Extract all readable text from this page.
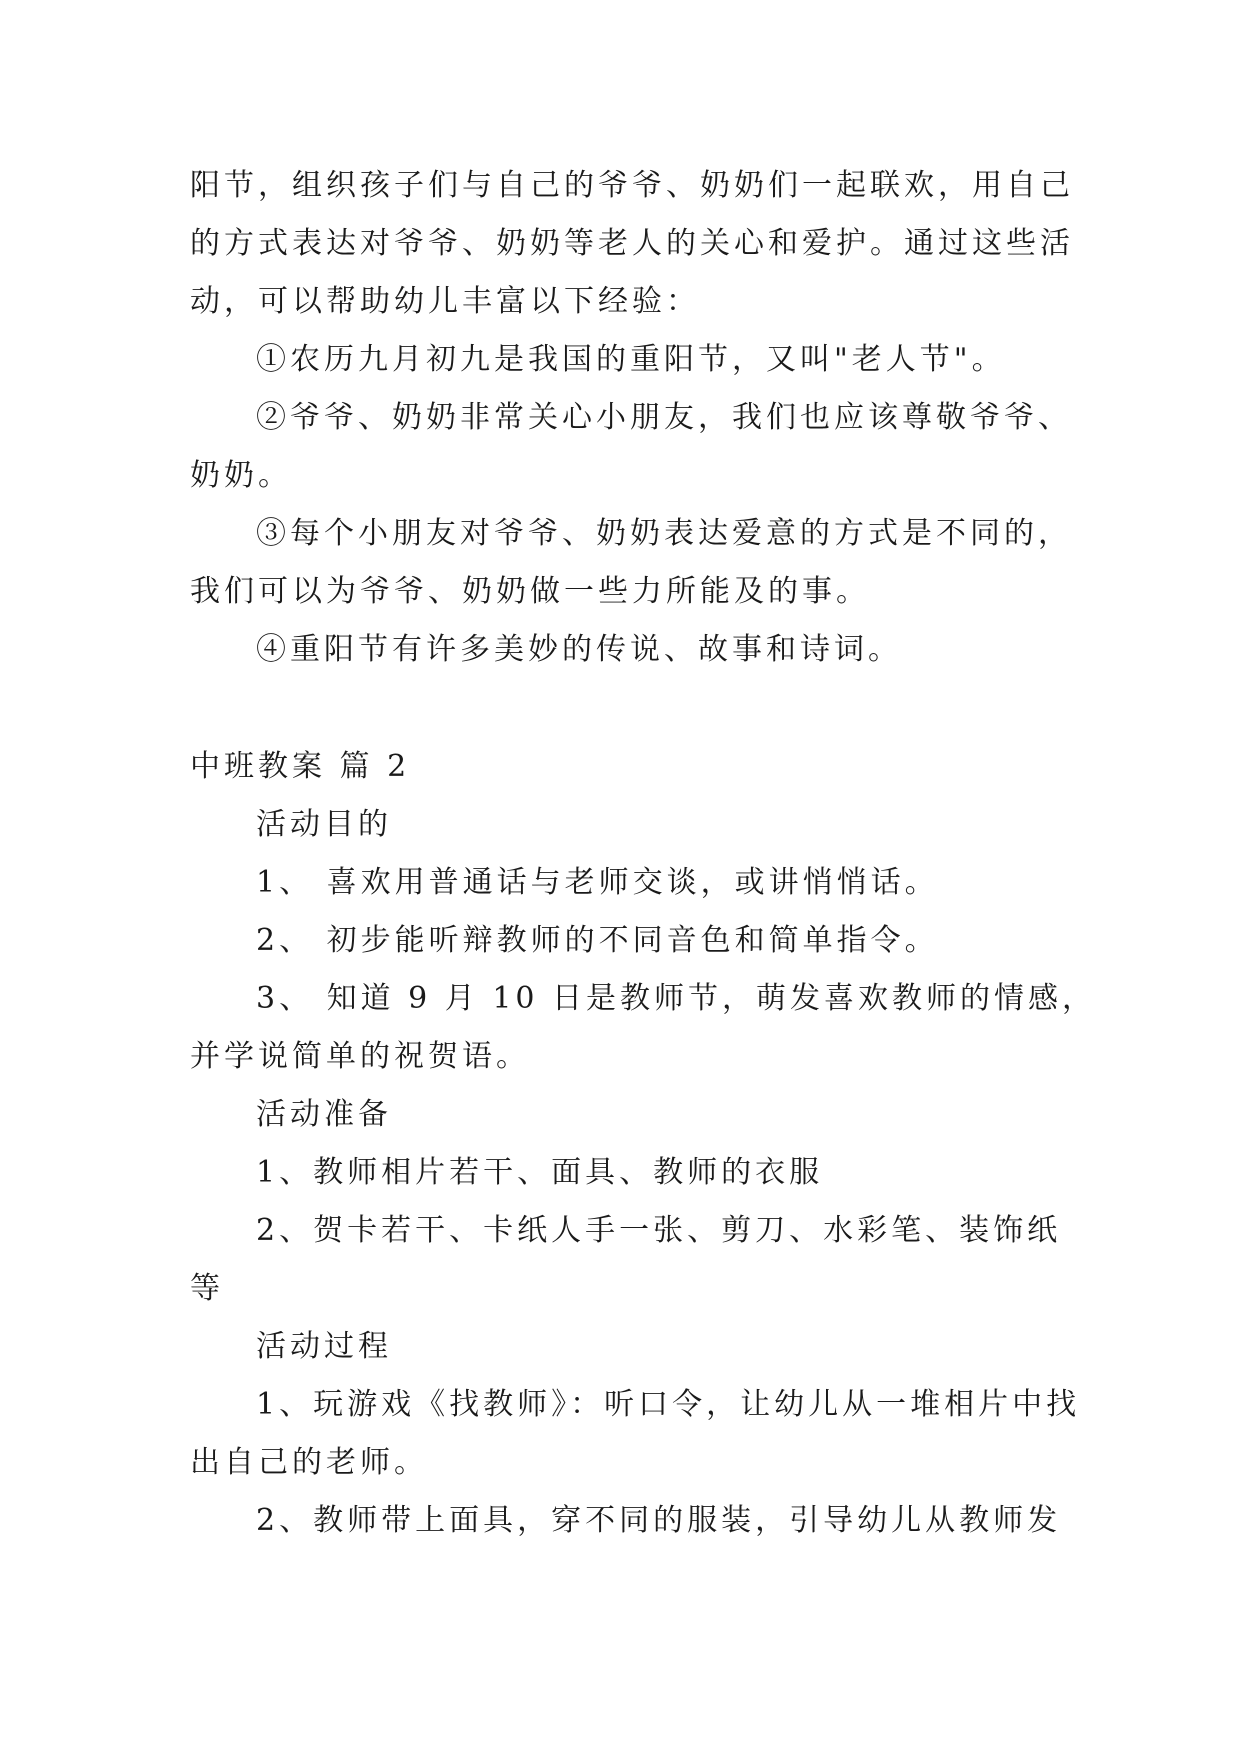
阳节，组织孩子们与自己的爷爷、奶奶们一起联欢，用自己
的方式表达对爷爷、奶奶等老人的关心和爱护。通过这些活
动，可以帮助幼儿丰富以下经验：
①农历九月初九是我国的重阳节，又叫"老人节"。
②爷爷、奶奶非常关心小朋友，我们也应该尊敬爷爷、
奶奶。
③每个小朋友对爷爷、奶奶表达爱意的方式是不同的，
我们可以为爷爷、奶奶做一些力所能及的事。
④重阳节有许多美妙的传说、故事和诗词。
中班教案 篇 2
活动目的
1、 喜欢用普通话与老师交谈，或讲悄悄话。
2、 初步能听辩教师的不同音色和简单指令。
3、 知道 9 月 10 日是教师节，萌发喜欢教师的情感，
并学说简单的祝贺语。
活动准备
1、教师相片若干、面具、教师的衣服
2、贺卡若干、卡纸人手一张、剪刀、水彩笔、装饰纸
等
活动过程
1、玩游戏《找教师》：听口令，让幼儿从一堆相片中找
出自己的老师。
2、教师带上面具，穿不同的服装，引导幼儿从教师发
